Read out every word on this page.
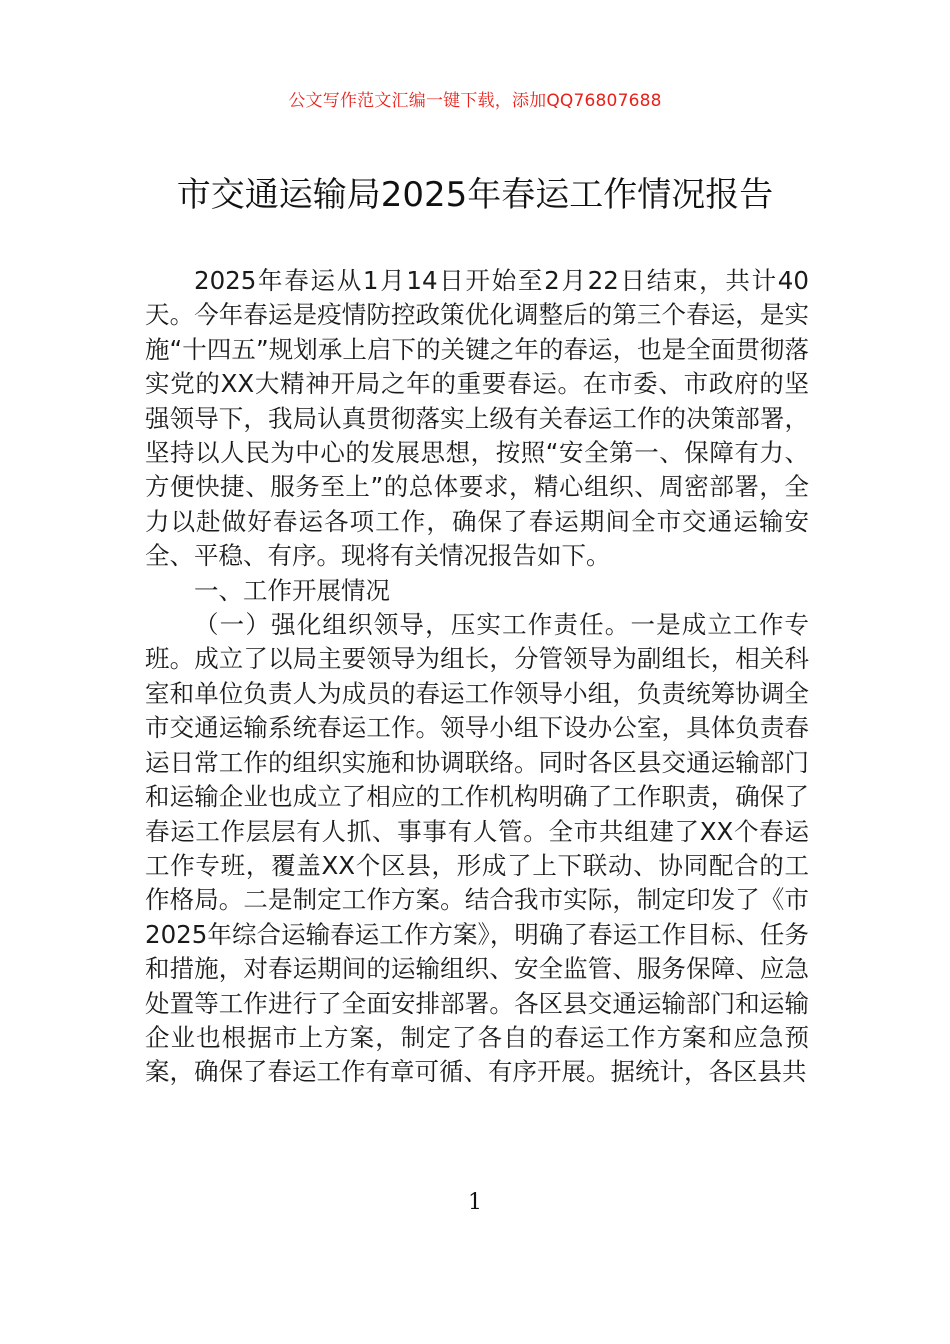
公文写作范文汇编一键下载，添加QQ76807688
市交通运输局2025年春运工作情况报告

2025年春运从1月14日开始至2月22日结束，共计40天。今年春运是疫情防控政策优化调整后的第三个春运，是实施“十四五”规划承上启下的关键之年的春运，也是全面贯彻落实党的XX大精神开局之年的重要春运。在市委、市政府的坚强领导下，我局认真贯彻落实上级有关春运工作的决策部署，坚持以人民为中心的发展思想，按照“安全第一、保障有力、方便快捷、服务至上”的总体要求，精心组织、周密部署，全力以赴做好春运各项工作，确保了春运期间全市交通运输安全、平稳、有序。现将有关情况报告如下。

一、工作开展情况

（一）强化组织领导，压实工作责任。一是成立工作专班。成立了以局主要领导为组长，分管领导为副组长，相关科室和单位负责人为成员的春运工作领导小组，负责统筹协调全市交通运输系统春运工作。领导小组下设办公室，具体负责春运日常工作的组织实施和协调联络。同时各区县交通运输部门和运输企业也成立了相应的工作机构明确了工作职责，确保了春运工作层层有人抓、事事有人管。全市共组建了XX个春运工作专班，覆盖XX个区县，形成了上下联动、协同配合的工作格局。二是制定工作方案。结合我市实际，制定印发了《市2025年综合运输春运工作方案》，明确了春运工作目标、任务和措施，对春运期间的运输组织、安全监管、服务保障、应急处置等工作进行了全面安排部署。各区县交通运输部门和运输企业也根据市上方案，制定了各自的春运工作方案和应急预案，确保了春运工作有章可循、有序开展。据统计，各区县共

1
